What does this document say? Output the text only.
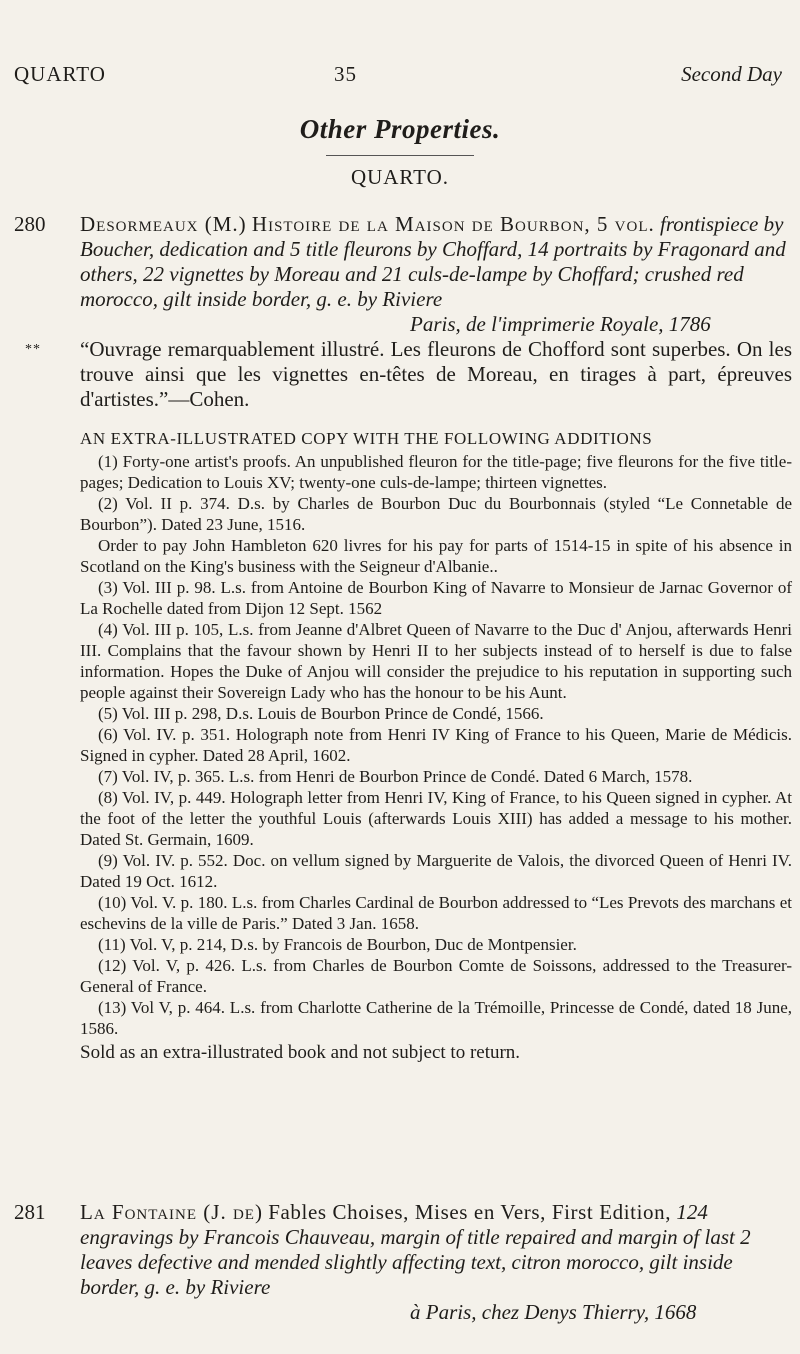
QUARTO	35	Second Day
Other Properties.
QUARTO.
280	Desormeaux (M.) Histoire de la Maison de Bourbon, 5 vol. frontispiece by Boucher, dedication and 5 title fleurons by Choffard, 14 portraits by Fragonard and others, 22 vignettes by Moreau and 21 culs-de-lampe by Choffard; crushed red morocco, gilt inside border, g. e. by Riviere
Paris, de l'imprimerie Royale, 1786
** “Ouvrage remarquablement illustré. Les fleurons de Chofford sont superbes. On les trouve ainsi que les vignettes en-têtes de Moreau, en tirages à part, épreuves d'artistes.”—Cohen.
AN EXTRA-ILLUSTRATED COPY WITH THE FOLLOWING ADDITIONS
(1) Forty-one artist's proofs. An unpublished fleuron for the title-page; five fleurons for the five title-pages; Dedication to Louis XV; twenty-one culs-de-lampe; thirteen vignettes.
(2) Vol. II p. 374. D.s. by Charles de Bourbon Duc du Bourbonnais (styled “Le Connetable de Bourbon”). Dated 23 June, 1516.
Order to pay John Hambleton 620 livres for his pay for parts of 1514-15 in spite of his absence in Scotland on the King's business with the Seigneur d'Albanie..
(3) Vol. III p. 98. L.s. from Antoine de Bourbon King of Navarre to Monsieur de Jarnac Governor of La Rochelle dated from Dijon 12 Sept. 1562
(4) Vol. III p. 105, L.s. from Jeanne d'Albret Queen of Navarre to the Duc d' Anjou, afterwards Henri III. Complains that the favour shown by Henri II to her subjects instead of to herself is due to false information. Hopes the Duke of Anjou will consider the prejudice to his reputation in supporting such people against their Sovereign Lady who has the honour to be his Aunt.
(5) Vol. III p. 298, D.s. Louis de Bourbon Prince de Condé, 1566.
(6) Vol. IV. p. 351. Holograph note from Henri IV King of France to his Queen, Marie de Médicis. Signed in cypher. Dated 28 April, 1602.
(7) Vol. IV, p. 365. L.s. from Henri de Bourbon Prince de Condé. Dated 6 March, 1578.
(8) Vol. IV, p. 449. Holograph letter from Henri IV, King of France, to his Queen signed in cypher. At the foot of the letter the youthful Louis (afterwards Louis XIII) has added a message to his mother. Dated St. Germain, 1609.
(9) Vol. IV. p. 552. Doc. on vellum signed by Marguerite de Valois, the divorced Queen of Henri IV. Dated 19 Oct. 1612.
(10) Vol. V. p. 180. L.s. from Charles Cardinal de Bourbon addressed to “Les Prevots des marchans et eschevins de la ville de Paris.” Dated 3 Jan. 1658.
(11) Vol. V, p. 214, D.s. by Francois de Bourbon, Duc de Montpensier.
(12) Vol. V, p. 426. L.s. from Charles de Bourbon Comte de Soissons, addressed to the Treasurer-General of France.
(13) Vol V, p. 464. L.s. from Charlotte Catherine de la Trémoille, Princesse de Condé, dated 18 June, 1586.
Sold as an extra-illustrated book and not subject to return.
281	La Fontaine (J. de) Fables Choises, Mises en Vers, First Edition, 124 engravings by Francois Chauveau, margin of title repaired and margin of last 2 leaves defective and mended slightly affecting text, citron morocco, gilt inside border, g. e. by Riviere
à Paris, chez Denys Thierry, 1668
